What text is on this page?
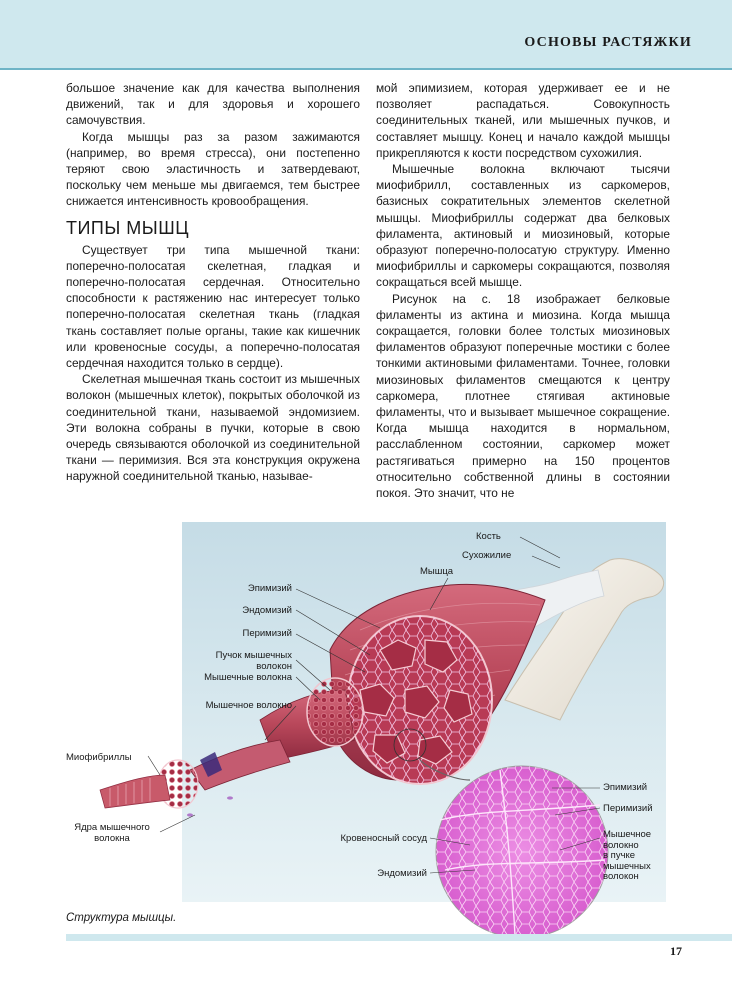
ОСНОВЫ РАСТЯЖКИ

большое значение как для качества выполнения движений, так и для здоровья и хорошего самочувствия.

Когда мышцы раз за разом зажимаются (например, во время стресса), они постепенно теряют свою эластичность и затвердевают, поскольку чем меньше мы двигаемся, тем быстрее снижается интенсивность кровообращения.

ТИПЫ МЫШЦ

Существует три типа мышечной ткани: поперечно-полосатая скелетная, гладкая и поперечно-полосатая сердечная. Относительно способности к растяжению нас интересует только поперечно-полосатая скелетная ткань (гладкая ткань составляет полые органы, такие как кишечник или кровеносные сосуды, а поперечно-полосатая сердечная находится только в сердце).

Скелетная мышечная ткань состоит из мышечных волокон (мышечных клеток), покрытых оболочкой из соединительной ткани, называемой эндомизием. Эти волокна собраны в пучки, которые в свою очередь связываются оболочкой из соединительной ткани — перимизия. Вся эта конструкция окружена наружной соединительной тканью, называе-

мой эпимизием, которая удерживает ее и не позволяет распадаться. Совокупность соединительных тканей, или мышечных пучков, и составляет мышцу. Конец и начало каждой мышцы прикрепляются к кости посредством сухожилия.

Мышечные волокна включают тысячи миофибрилл, составленных из саркомеров, базисных сократительных элементов скелетной мышцы. Миофибриллы содержат два белковых филамента, актиновый и миозиновый, которые образуют поперечно-полосатую структуру. Именно миофибриллы и саркомеры сокращаются, позволяя сокращаться всей мышце.

Рисунок на с. 18 изображает белковые филаменты из актина и миозина. Когда мышца сокращается, головки более толстых миозиновых филаментов образуют поперечные мостики с более тонкими актиновыми филаментами. Точнее, головки миозиновых филаментов смещаются к центру саркомера, плотнее стягивая актиновые филаменты, что и вызывает мышечное сокращение. Когда мышца находится в нормальном, расслабленном состоянии, саркомер может растягиваться примерно на 150 процентов относительно собственной длины в состоянии покоя. Это значит, что не

Кость
Сухожилие
Мышца
Эпимизий
Эндомизий
Перимизий
Пучок мышечных
волокон
Мышечные волокна
Мышечное волокно
Миофибриллы
Ядра мышечного
волокна
Эпимизий
Перимизий
Кровеносный сосуд
Эндомизий
Мышечное
волокно
в пучке
мышечных
волокон
Структура мышцы.
17
